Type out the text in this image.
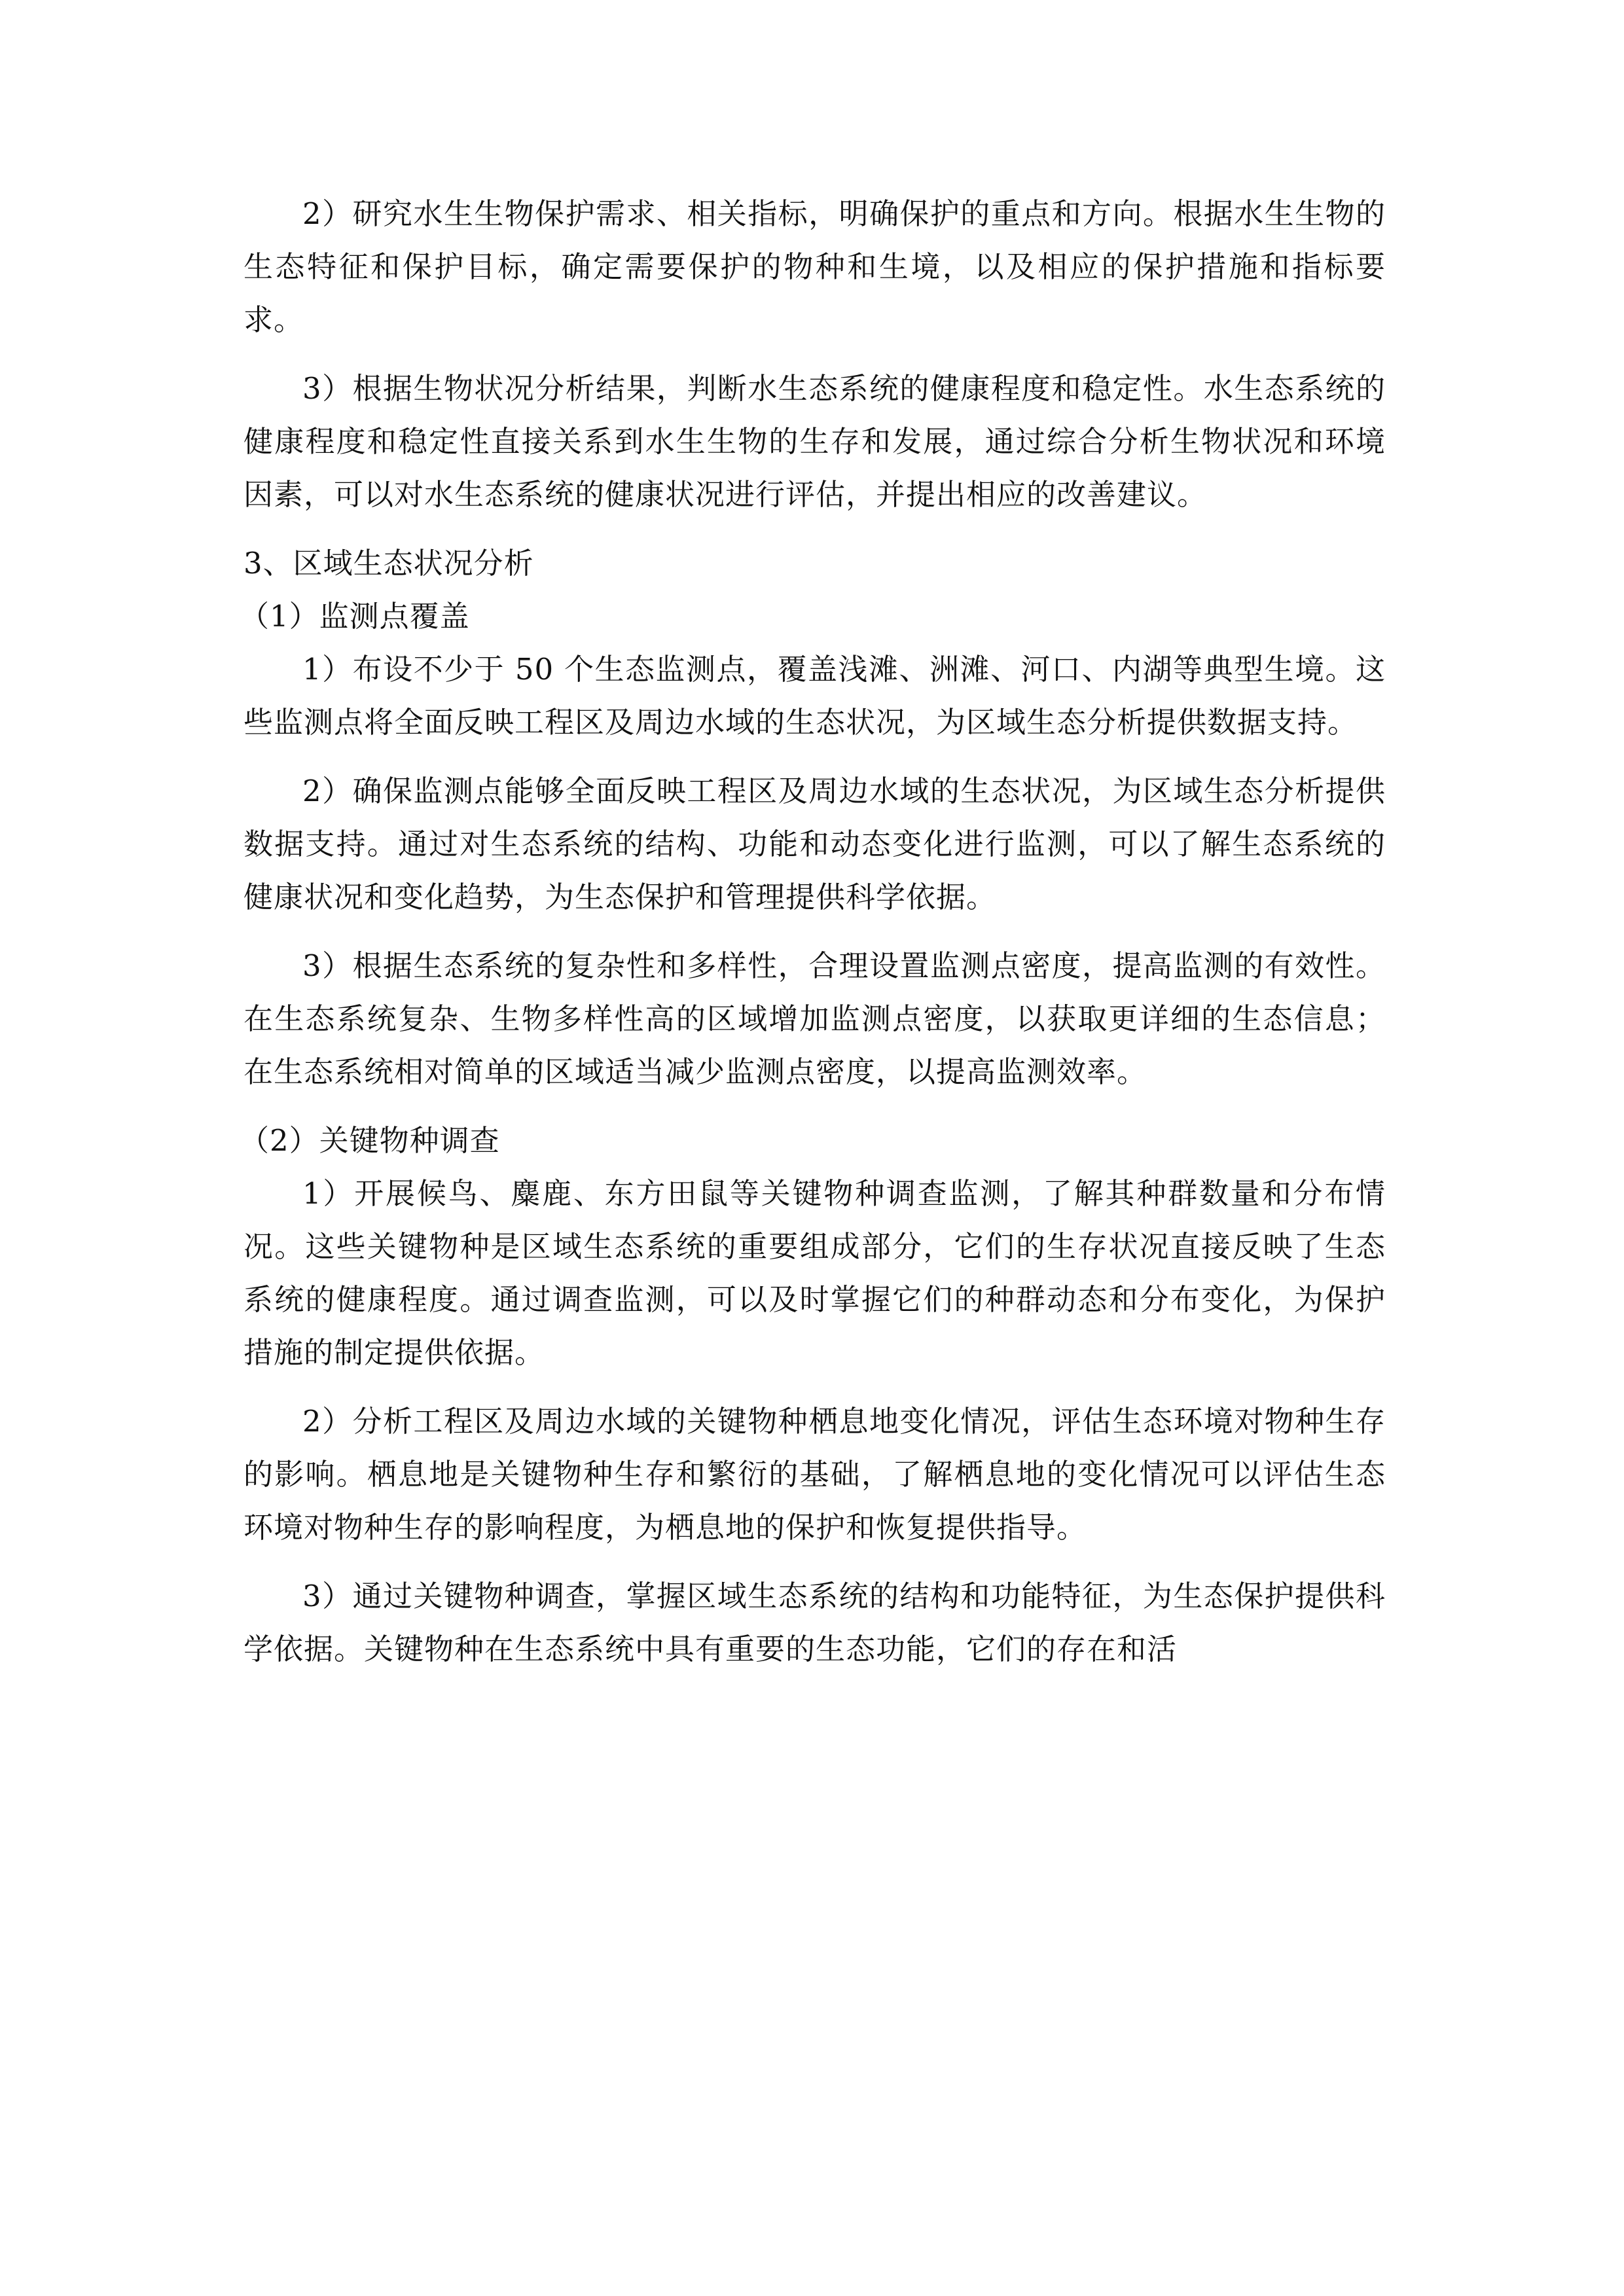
2）研究水生生物保护需求、相关指标，明确保护的重点和方向。根据水生生物的生态特征和保护目标，确定需要保护的物种和生境，以及相应的保护措施和指标要求。

3）根据生物状况分析结果，判断水生态系统的健康程度和稳定性。水生态系统的健康程度和稳定性直接关系到水生生物的生存和发展，通过综合分析生物状况和环境因素，可以对水生态系统的健康状况进行评估，并提出相应的改善建议。

3、区域生态状况分析

（1）监测点覆盖

1）布设不少于 50 个生态监测点，覆盖浅滩、洲滩、河口、内湖等典型生境。这些监测点将全面反映工程区及周边水域的生态状况，为区域生态分析提供数据支持。

2）确保监测点能够全面反映工程区及周边水域的生态状况，为区域生态分析提供数据支持。通过对生态系统的结构、功能和动态变化进行监测，可以了解生态系统的健康状况和变化趋势，为生态保护和管理提供科学依据。

3）根据生态系统的复杂性和多样性，合理设置监测点密度，提高监测的有效性。在生态系统复杂、生物多样性高的区域增加监测点密度，以获取更详细的生态信息；在生态系统相对简单的区域适当减少监测点密度，以提高监测效率。

（2）关键物种调查

1）开展候鸟、麋鹿、东方田鼠等关键物种调查监测，了解其种群数量和分布情况。这些关键物种是区域生态系统的重要组成部分，它们的生存状况直接反映了生态系统的健康程度。通过调查监测，可以及时掌握它们的种群动态和分布变化，为保护措施的制定提供依据。

2）分析工程区及周边水域的关键物种栖息地变化情况，评估生态环境对物种生存的影响。栖息地是关键物种生存和繁衍的基础，了解栖息地的变化情况可以评估生态环境对物种生存的影响程度，为栖息地的保护和恢复提供指导。

3）通过关键物种调查，掌握区域生态系统的结构和功能特征，为生态保护提供科学依据。关键物种在生态系统中具有重要的生态功能，它们的存在和活
